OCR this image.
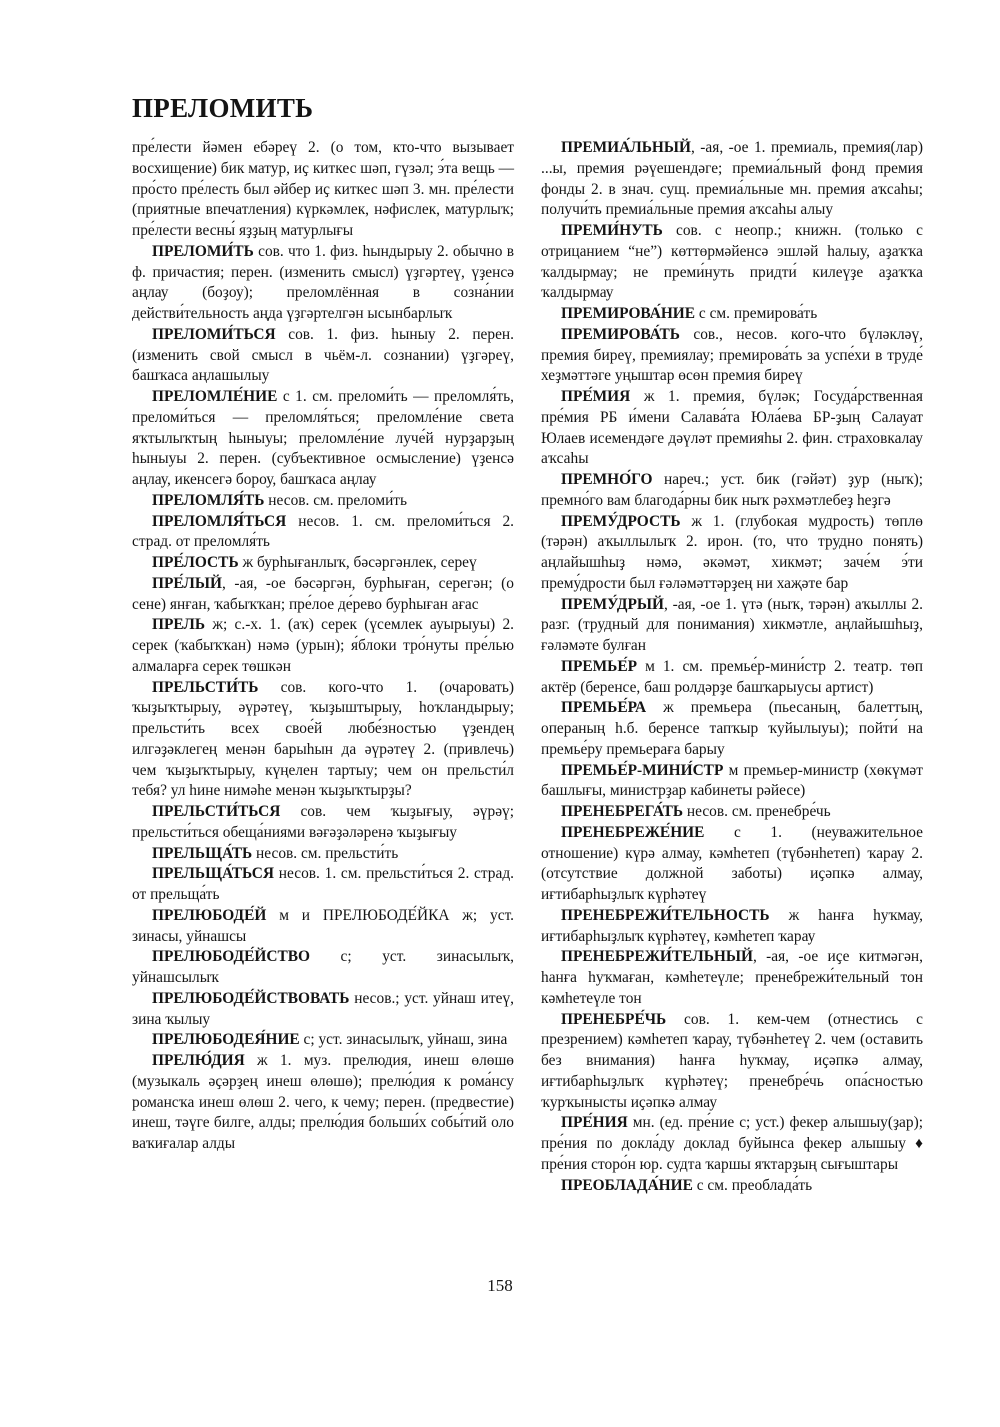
ПРЕЛОМИТЬ

пре́лести йәмен ебәреү 2. (о том, кто-что вызывает восхищение) бик матур, иҫ киткес шәп, гүзәл; э́та вещь — про́сто пре́лесть был әйбер иҫ киткес шәп 3. мн. пре́лести (приятные впечатления) күркәмлек, нәфислек, матурлыҡ; пре́лести весны́ яҙҙың матурлығы

ПРЕЛОМИ́ТЬ сов. что 1. физ. һындырыу 2. обычно в ф. причастия; перен. (изменить смысл) үҙгәртеү, үҙенсә аңлау (боҙоу); преломлённая в созна́нии действи́тельность аңда үҙгәртелгән ысынбарлыҡ

ПРЕЛОМИ́ТЬСЯ сов. 1. физ. һыныу 2. перен. (изменить свой смысл в чьём-л. сознании) үҙгәреү, башҡаса аңлашылыу

ПРЕЛОМЛЕ́НИЕ с 1. см. преломи́ть — преломля́ть, преломи́ться — преломля́ться; преломле́ние света яҡтылыҡтың һыныуы; преломле́ние луче́й нурҙарҙың һыныуы 2. перен. (субъективное осмысление) үҙенсә аңлау, икенсегә бороу, башҡаса аңлау

ПРЕЛОМЛЯ́ТЬ несов. см. преломи́ть

ПРЕЛОМЛЯ́ТЬСЯ несов. 1. см. преломи́ться 2. страд. от преломля́ть

ПРЕ́ЛОСТЬ ж бурһығанлыҡ, бәсәргәнлек, сереү

ПРЕ́ЛЫЙ, -ая, -ое бәсәргән, бурһыған, серегән; (о сене) янған, ҡабыҡҡан; пре́лое де́рево бурһыған ағас

ПРЕЛЬ ж; с.-х. 1. (аҡ) серек (үсемлек ауырыуы) 2. серек (ҡабыҡҡан) нәмә (урын); я́блоки тро́нуты пре́лью алмаларға серек төшкән

ПРЕЛЬСТИ́ТЬ сов. кого-что 1. (очаровать) ҡыҙыҡтырыу, әүрәтеү, ҡыҙыштырыу, һоҡландырыу; прельсти́ть всех свое́й любе́зностью үҙендең илгәҙәклегең менән барыһын да әүрәтеү 2. (привлечь) чем ҡыҙыҡтырыу, күңелен тартыу; чем он прельсти́л тебя? ул һине нимәһе менән ҡыҙыҡтырҙы?

ПРЕЛЬСТИ́ТЬСЯ сов. чем ҡыҙығыу, әүрәү; прельсти́ться обеща́ниями вәғәҙәләренә ҡыҙығыу

ПРЕЛЬЩА́ТЬ несов. см. прельсти́ть

ПРЕЛЬЩА́ТЬСЯ несов. 1. см. прельсти́ться 2. страд. от прельща́ть

ПРЕЛЮБОДЕ́Й м и ПРЕЛЮБОДЕ́ЙКА ж; уст. зинасы, уйнашсы

ПРЕЛЮБОДЕ́ЙСТВО с; уст. зинасылыҡ, уйнашсылыҡ

ПРЕЛЮБОДЕ́ЙСТВОВАТЬ несов.; уст. уйнаш итеү, зина ҡылыу

ПРЕЛЮБОДЕЯ́НИЕ с; уст. зинасылыҡ, уйнаш, зина

ПРЕЛЮ́ДИЯ ж 1. муз. прелюдия, инеш өлөшө (музыкаль әҫәрҙең инеш өлөшө); прелю́дия к рома́нсу романсҡа инеш өлөш 2. чего, к чему; перен. (предвестие) инеш, тәүге билге, алды; прелю́дия больши́х собы́тий оло ваҡиғалар алды

ПРЕМИА́ЛЬНЫЙ, -ая, -ое 1. премиаль, премия(лар) ...ы, премия рәүешендәге; премиа́льный фонд премия фонды 2. в знач. сущ. премиа́льные мн. премия аҡсаһы; получи́ть премиа́льные премия аҡсаһы алыу

ПРЕМИ́НУТЬ сов. с неопр.; книжн. (только с отрицанием “не”) көттөрмәйенсә эшләй һалыу, аҙаҡҡа ҡалдырмау; не преми́нуть придти́ килеүҙе аҙаҡҡа ҡалдырмау

ПРЕМИРОВА́НИЕ с см. премирова́ть

ПРЕМИРОВА́ТЬ сов., несов. кого-что бүләкләү, премия биреү, премиялау; премирова́ть за успе́хи в труде́ хеҙмәттәге уңыштар өсөн премия биреү

ПРЕ́МИЯ ж 1. премия, бүләк; Госуда́рственная пре́мия РБ и́мени Салава́та Юла́ева БР-ҙың Салауат Юлаев исемендәге дәүләт премияһы 2. фин. страховкалау аҡсаһы

ПРЕМНО́ГО нареч.; уст. бик (гәйәт) ҙур (ныҡ); премно́го вам благода́рны бик ныҡ рәхмәтлебеҙ һеҙгә

ПРЕМУ́ДРОСТЬ ж 1. (глубокая мудрость) төплө (тәрән) аҡыллылыҡ 2. ирон. (то, что трудно понять) аңлайышһыҙ нәмә, әкәмәт, хикмәт; заче́м э́ти прему́дрости был ғәләмәттәрҙең ни хаҗәте бар

ПРЕМУ́ДРЫЙ, -ая, -ое 1. үтә (ныҡ, тәрән) аҡыллы 2. разг. (трудный для понимания) хикмәтле, аңлайышһыҙ, ғәләмәте булған

ПРЕМЬЕ́Р м 1. см. премье́р-мини́стр 2. театр. төп актёр (беренсе, баш ролдәрҙе башҡарыусы артист)

ПРЕМЬЕ́РА ж премьера (пьесаның, балеттың, операның һ.б. беренсе тапҡыр ҡуйылыуы); пойти́ на премье́ру премьераға барыу

ПРЕМЬЕ́Р-МИНИ́СТР м премьер-министр (хөкүмәт башлығы, министрҙар кабинеты рәйесе)

ПРЕНЕБРЕГА́ТЬ несов. см. пренебре́чь

ПРЕНЕБРЕЖЕ́НИЕ с 1. (неуважительное отношение) күрә алмау, кәмһетеп (түбәнһетеп) ҡарау 2. (отсутствие должной заботы) иҫәпкә алмау, иғтибарһыҙлыҡ күрһәтеү

ПРЕНЕБРЕЖИ́ТЕЛЬНОСТЬ ж һанға һуҡмау, иғтибарһыҙлыҡ күрһәтеү, кәмһетеп ҡарау

ПРЕНЕБРЕЖИ́ТЕЛЬНЫЙ, -ая, -ое иҫе китмәгән, һанға һуҡмаған, кәмһетеүле; пренебрежи́тельный тон кәмһетеүле тон

ПРЕНЕБРЕ́ЧЬ сов. 1. кем-чем (отнестись с презрением) кәмһетеп ҡарау, түбәнһетеү 2. чем (оставить без внимания) һанға һуҡмау, иҫәпкә алмау, иғтибарһыҙлыҡ күрһәтеү; пренебре́чь опа́сностью ҡурҡынысты иҫәпкә алмау

ПРЕ́НИЯ мн. (ед. пре́ние с; уст.) фекер алышыу(ҙар); пре́ния по докла́ду доклад буйынса фекер алышыу ♦ пре́ния сторо́н юр. судта ҡаршы яҡтарҙың сығыштары

ПРЕОБЛАДА́НИЕ с см. преоблада́ть

158
